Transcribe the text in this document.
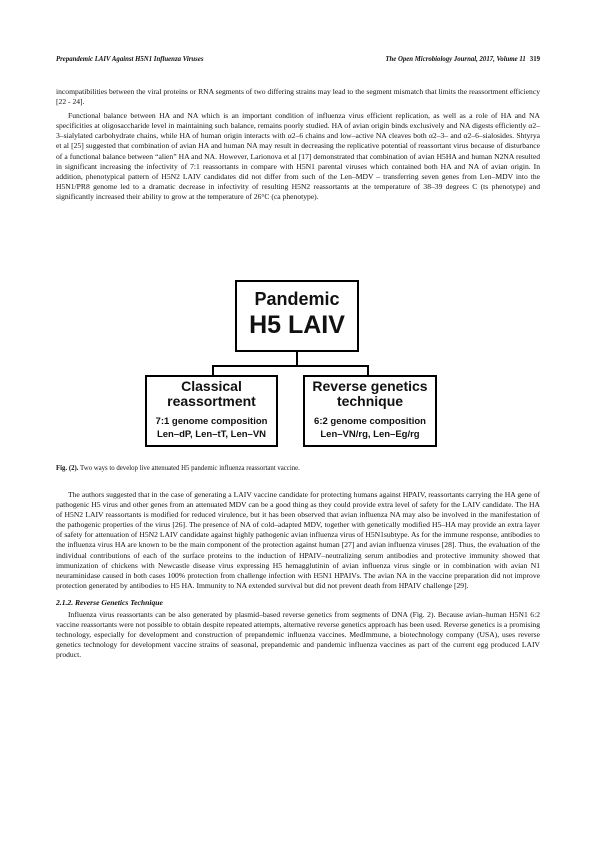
Prepandemic LAIV Against H5N1 Influenza Viruses	The Open Microbiology Journal, 2017, Volume 11 319

incompatibilities between the viral proteins or RNA segments of two differing strains may lead to the segment mismatch that limits the reassortment efficiency [22 - 24].

Functional balance between HA and NA which is an important condition of influenza virus efficient replication, as well as a role of HA and NA specificities at oligosaccharide level in maintaining such balance, remains poorly studied. HA of avian origin binds exclusively and NA digests efficiently α2–3–sialylated carbohydrate chains, while HA of human origin interacts with α2–6 chains and low–active NA cleaves both α2–3– and α2–6–sialosides. Shtyrya et al [25] suggested that combination of avian HA and human NA may result in decreasing the replicative potential of reassortant virus because of disturbance of a functional balance between “alien” HA and NA. However, Larionova et al [17] demonstrated that combination of avian H5HA and human N2NA resulted in significant increasing the infectivity of 7:1 reassortants in compare with H5N1 parental viruses which contained both HA and NA of avian origin. In addition, phenotypical pattern of H5N2 LAIV candidates did not differ from such of the Len–MDV – transferring seven genes from Len–MDV into the H5N1/PR8 genome led to a dramatic decrease in infectivity of resulting H5N2 reassortants at the temperature of 38–39 degrees C (ts phenotype) and significantly increased their ability to grow at the temperature of 26°C (ca phenotype).

Pandemic
H5 LAIV
Classical
reassortment
7:1 genome composition
Len–dP, Len–tT, Len–VN
Reverse genetics
technique
6:2 genome composition
Len–VN/rg, Len–Eg/rg
Fig. (2). Two ways to develop live attenuated H5 pandemic influenza reassortant vaccine.

The authors suggested that in the case of generating a LAIV vaccine candidate for protecting humans against HPAIV, reassortants carrying the HA gene of pathogenic H5 virus and other genes from an attenuated MDV can be a good thing as they could provide extra level of safety for the LAIV candidate. The HA of H5N2 LAIV reassortants is modified for reduced virulence, but it has been observed that avian influenza NA may also be involved in the manifestation of the pathogenic properties of the virus [26]. The presence of NA of cold–adapted MDV, together with genetically modified H5–HA may provide an extra layer of safety for attenuation of H5N2 LAIV candidate against highly pathogenic avian influenza virus of H5N1subtype. As for the immune response, antibodies to the influenza virus HA are known to be the main component of the protection against human [27] and avian influenza viruses [28]. Thus, the evaluation of the individual contributions of each of the surface proteins to the induction of HPAIV–neutralizing serum antibodies and protective immunity showed that immunization of chickens with Newcastle disease virus expressing H5 hemagglutinin of avian influenza virus single or in combination with avian N1 neuraminidase caused in both cases 100% protection from challenge infection with H5N1 HPAIVs. The avian NA in the vaccine preparation did not improve protection generated by antibodies to H5 HA. Immunity to NA extended survival but did not prevent death from HPAIV challenge [29].

2.1.2. Reverse Genetics Technique

Influenza virus reassortants can be also generated by plasmid–based reverse genetics from segments of DNA (Fig. 2). Because avian–human H5N1 6:2 vaccine reassortants were not possible to obtain despite repeated attempts, alternative reverse genetics approach has been used. Reverse genetics is a promising technology, especially for development and construction of prepandemic influenza vaccines. MedImmune, a biotechnology company (USA), uses reverse genetics technology for development vaccine strains of seasonal, prepandemic and pandemic influenza vaccines as part of the current egg produced LAIV product.
